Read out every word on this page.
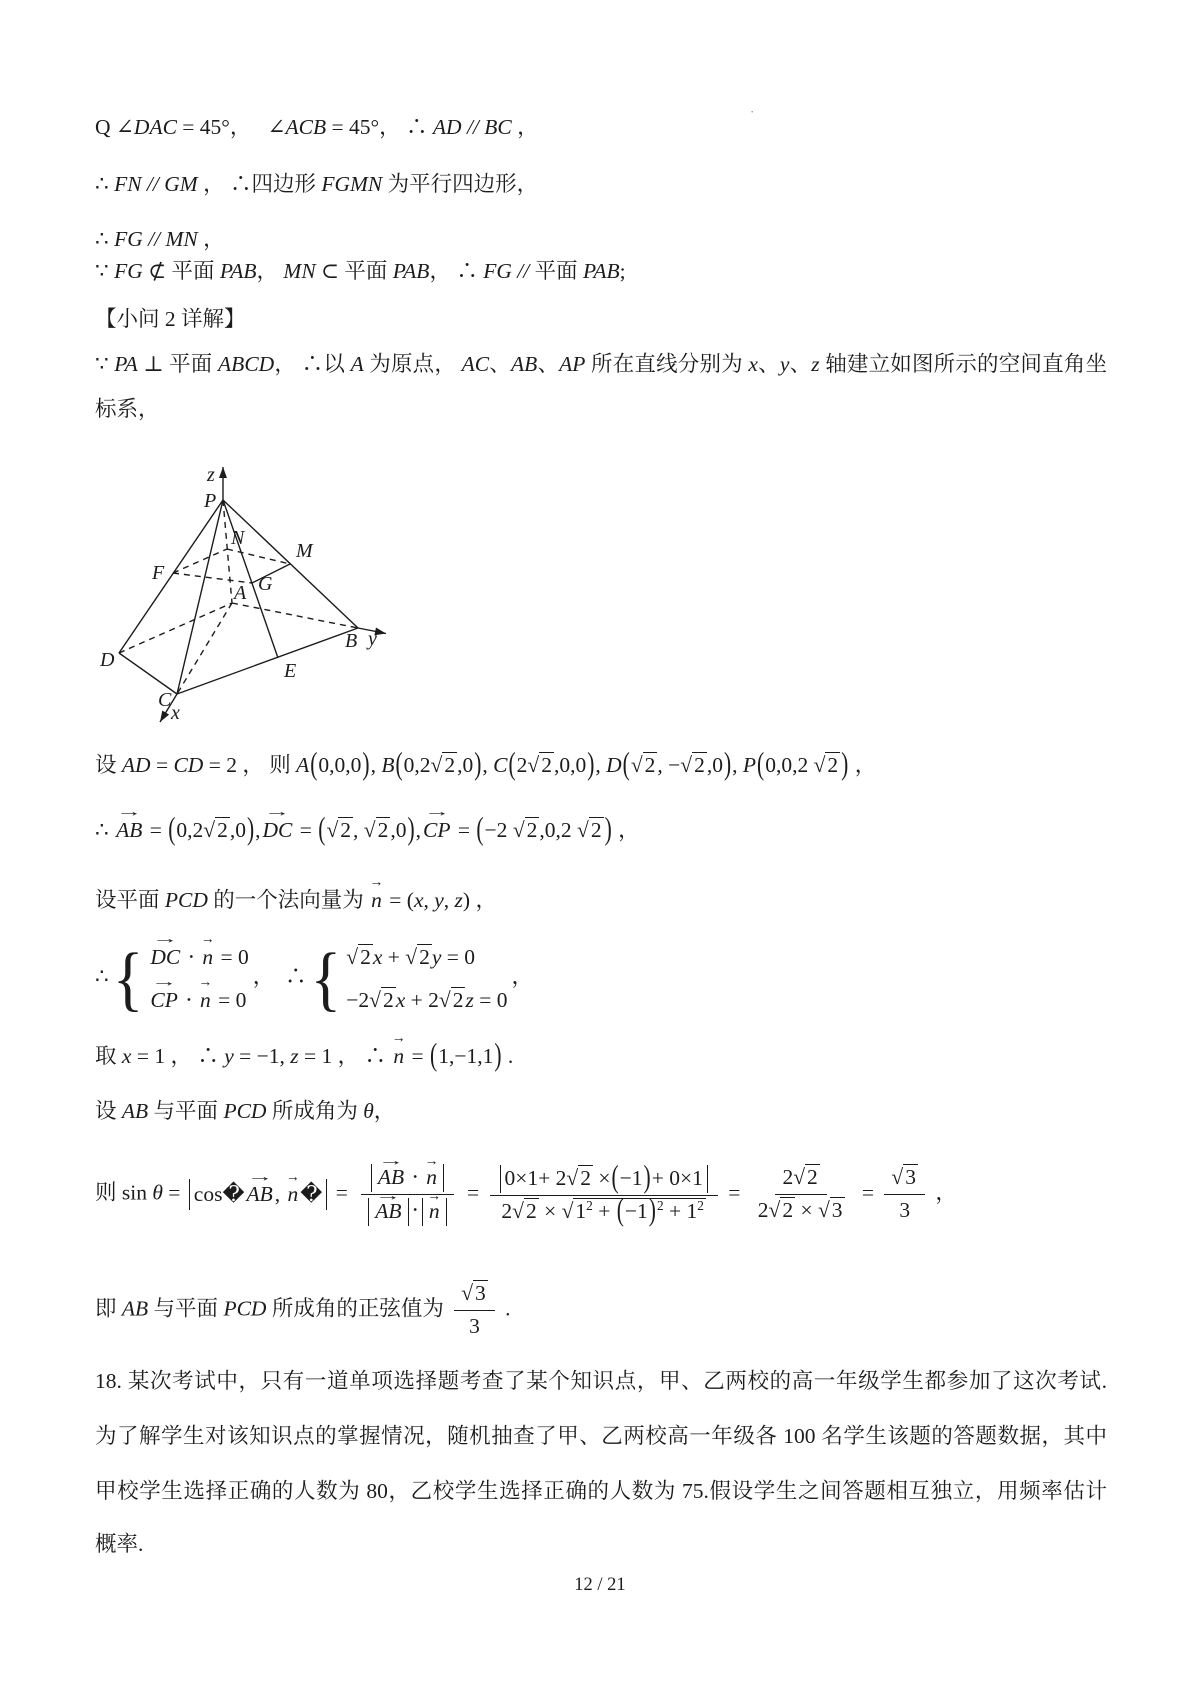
z
P
N
M
F	G
A
B y
D	E
C
x
·
12 / 21
Q ∠DAC = 45°，   ∠ACB = 45°， ∴ AD // BC ，
∴ FN // GM ， ∴四边形 FGMN 为平行四边形，
∴ FG // MN ，
∵ FG ⊄ 平面 PAB， MN ⊂ 平面 PAB， ∴ FG // 平面 PAB;
【小问 2 详解】
∵ PA ⊥ 平面 ABCD， ∴以 A 为原点， AC、AB、AP 所在直线分别为 x、y、z 轴建立如图所示的空间直角坐
标系，
设 AD = CD = 2 ， 则 A(0,0,0), B(0,2 √ 2 ,0), C(2 √ 2 ,0,0), D( √ 2 , − √ 2 ,0), P(0,0,2 √ 2 ) ，
∴
→
AB = (0,2 √ 2 ,0),
→
DC = ( √ 2 , √ 2 ,0),
→
CP = (−2 √ 2 ,0,2 √ 2 ) ，
设平面 PCD 的一个法向量为
→
n = (x, y, z) ，
∴ { →
DC ⋅
→
n = 0
→
CP ⋅
→
n = 0
，  ∴ { √ 2 x + √ 2 y = 0
−2 √ 2 x + 2 √ 2 z = 0
，
取 x = 1 ， ∴ y = −1, z = 1 ， ∴
→
n = (1,−1,1) .
设 AB 与平面 PCD 所成角为 θ，
则 sin θ = cos �
→
AB ,
→
n � = →
AB ⋅
→
n
→
AB ⋅
→
$n = \frac{0\times 1+ 2 √ 2 \times ( -1 ) + 0\times 1}{2 √ 2 \times √ 1^2 + (-1)^2 + 1^2} = \frac{2 √ 2}{2 √ 2 \times √ 3} = \frac{√ 3}{3}$ ，
即 AB 与平面 PCD 所成角的正弦值为 $\frac{√ 3}{3}$ .
18. 某次考试中，只有一道单项选择题考查了某个知识点，甲、乙两校的高一年级学生都参加了这次考试.
为了解学生对该知识点的掌握情况，随机抽查了甲、乙两校高一年级各 100 名学生该题的答题数据，其中
甲校学生选择正确的人数为 80，乙校学生选择正确的人数为 75.假设学生之间答题相互独立，用频率估计
概率.
